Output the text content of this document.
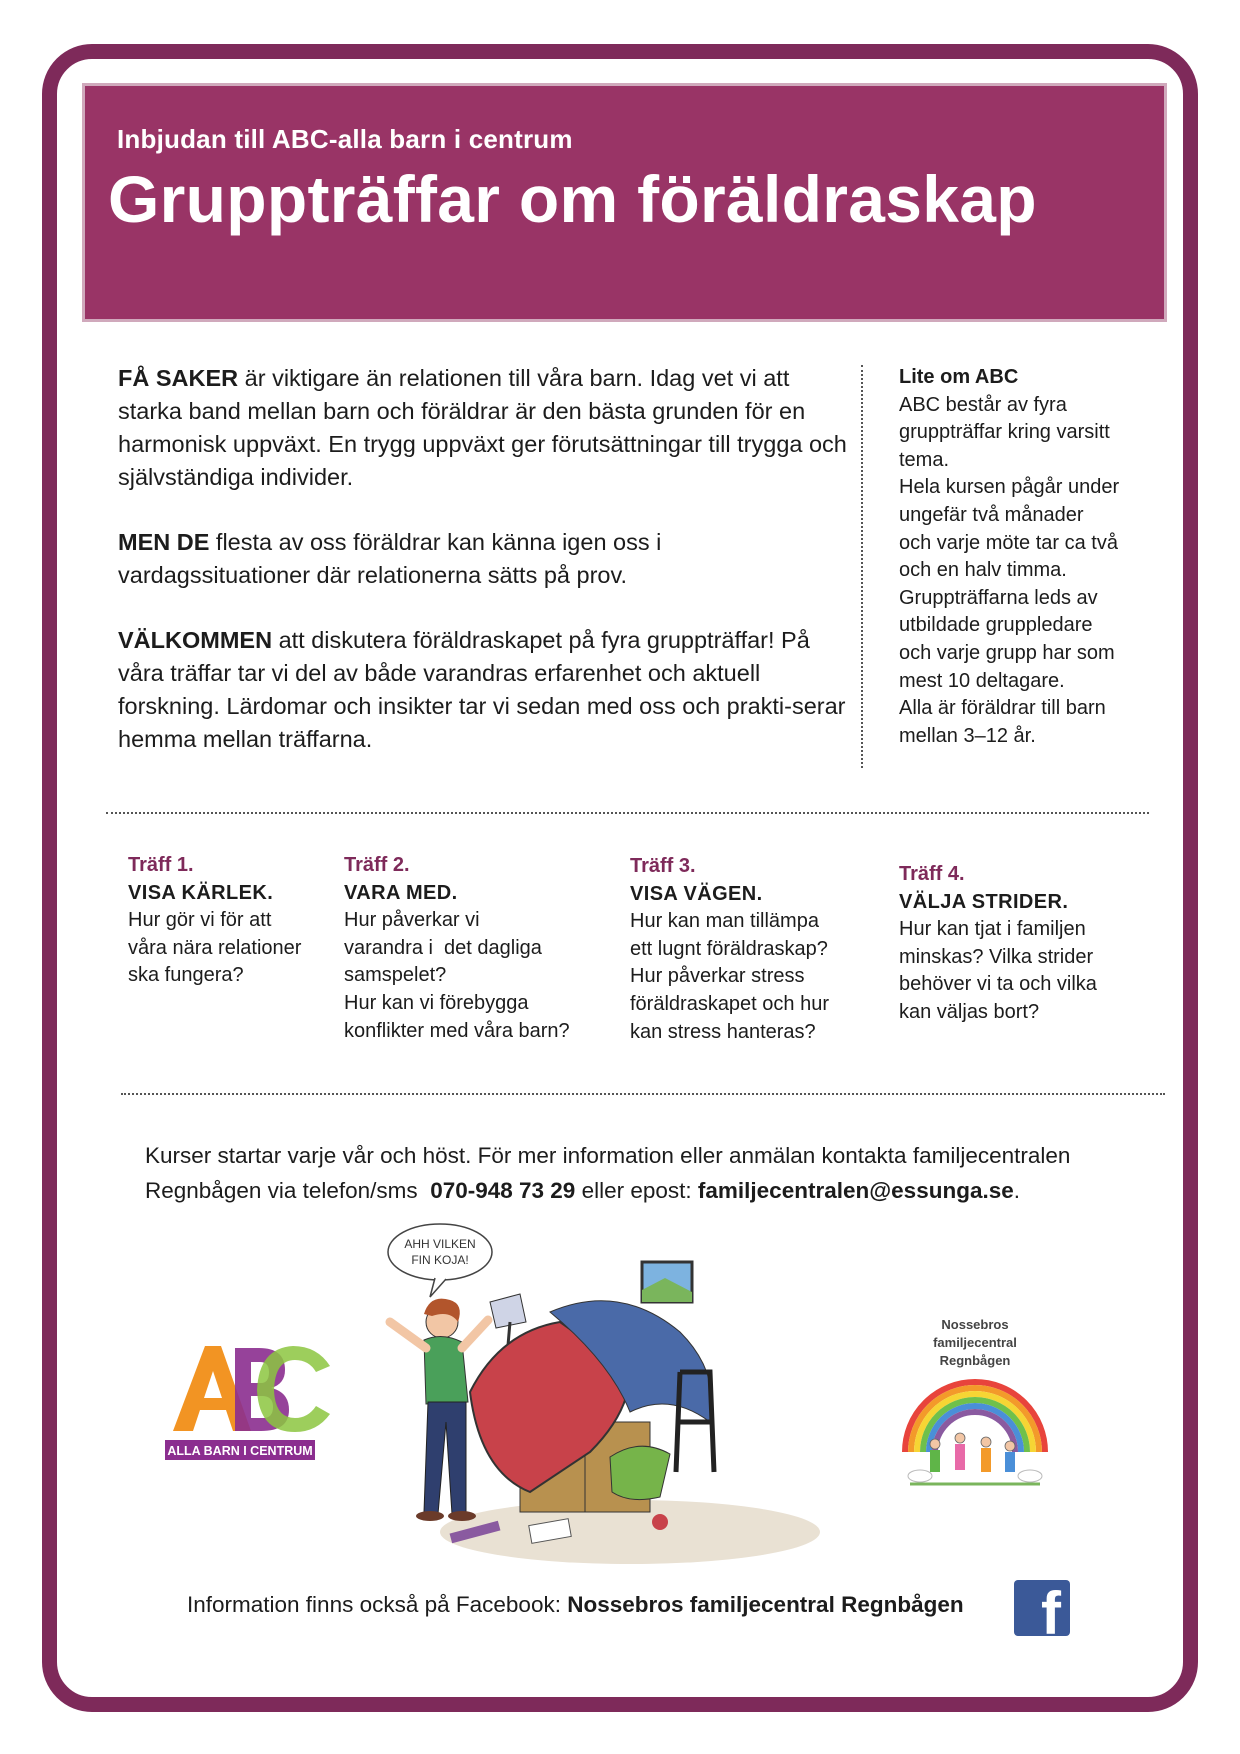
Inbjudan till ABC-alla barn i centrum
Gruppträffar om föräldraskap

FÅ SAKER är viktigare än relationen till våra barn. Idag vet vi att starka band mellan barn och föräldrar är den bästa grunden för en harmonisk uppväxt. En trygg uppväxt ger förutsättningar till trygga och självständiga individer.

MEN DE flesta av oss föräldrar kan känna igen oss i vardagssituationer där relationerna sätts på prov.

VÄLKOMMEN att diskutera föräldraskapet på fyra gruppträffar! På våra träffar tar vi del av både varandras erfarenhet och aktuell forskning. Lärdomar och insikter tar vi sedan med oss och prakti-serar hemma mellan träffarna.

Lite om ABC
ABC består av fyra
gruppträffar kring varsitt
tema.
Hela kursen pågår under
ungefär två månader
och varje möte tar ca två
och en halv timma.
Gruppträffarna leds av
utbildade gruppledare
och varje grupp har som
mest 10 deltagare.
Alla är föräldrar till barn
mellan 3–12 år.
Träff 1.
VISA KÄRLEK.
Hur gör vi för att
våra nära relationer
ska fungera?
Träff 2.
VARA MED.
Hur påverkar vi
varandra i  det dagliga
samspelet?
Hur kan vi förebygga
konflikter med våra barn?
Träff 3.
VISA VÄGEN.
Hur kan man tillämpa
ett lugnt föräldraskap?
Hur påverkar stress
föräldraskapet och hur
kan stress hanteras?
Träff 4.
VÄLJA STRIDER.
Hur kan tjat i familjen
minskas? Vilka strider
behöver vi ta och vilka
kan väljas bort?
Kurser startar varje vår och höst. För mer information eller anmälan kontakta familjecentralen
Regnbågen via telefon/sms  070-948 73 29 eller epost: familjecentralen@essunga.se.
ALLA BARN I CENTRUM
AHH VILKEN
FIN KOJA!
Nossebros
familjecentral
Regnbågen
Information finns också på Facebook: Nossebros familjecentral Regnbågen f
